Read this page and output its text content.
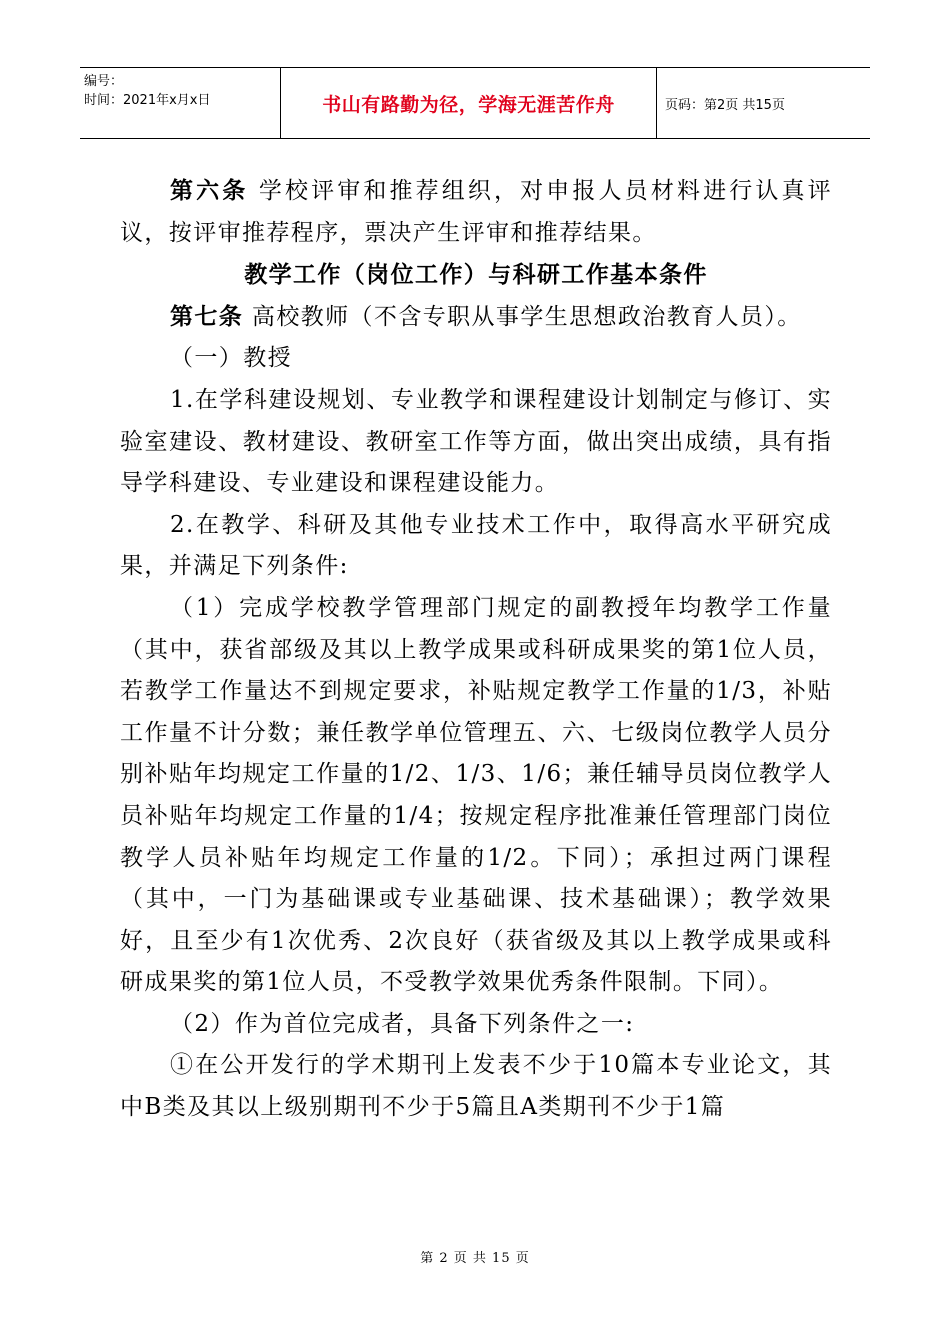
编号：
时间：2021年x月x日	书山有路勤为径，学海无涯苦作舟	页码：第2页 共15页

第六条 学校评审和推荐组织，对申报人员材料进行认真评议，按评审推荐程序，票决产生评审和推荐结果。

教学工作（岗位工作）与科研工作基本条件

第七条 高校教师（不含专职从事学生思想政治教育人员）。

（一）教授

1.在学科建设规划、专业教学和课程建设计划制定与修订、实验室建设、教材建设、教研室工作等方面，做出突出成绩，具有指导学科建设、专业建设和课程建设能力。

2.在教学、科研及其他专业技术工作中，取得高水平研究成果，并满足下列条件:

（1）完成学校教学管理部门规定的副教授年均教学工作量（其中，获省部级及其以上教学成果或科研成果奖的第1位人员，若教学工作量达不到规定要求，补贴规定教学工作量的1/3，补贴工作量不计分数；兼任教学单位管理五、六、七级岗位教学人员分别补贴年均规定工作量的1/2、1/3、1/6；兼任辅导员岗位教学人员补贴年均规定工作量的1/4；按规定程序批准兼任管理部门岗位教学人员补贴年均规定工作量的1/2。下同）；承担过两门课程（其中，一门为基础课或专业基础课、技术基础课）；教学效果好，且至少有1次优秀、2次良好（获省级及其以上教学成果或科研成果奖的第1位人员，不受教学效果优秀条件限制。下同）。

（2）作为首位完成者，具备下列条件之一:

①在公开发行的学术期刊上发表不少于10篇本专业论文，其中B类及其以上级别期刊不少于5篇且A类期刊不少于1篇

第 2 页 共 15 页
